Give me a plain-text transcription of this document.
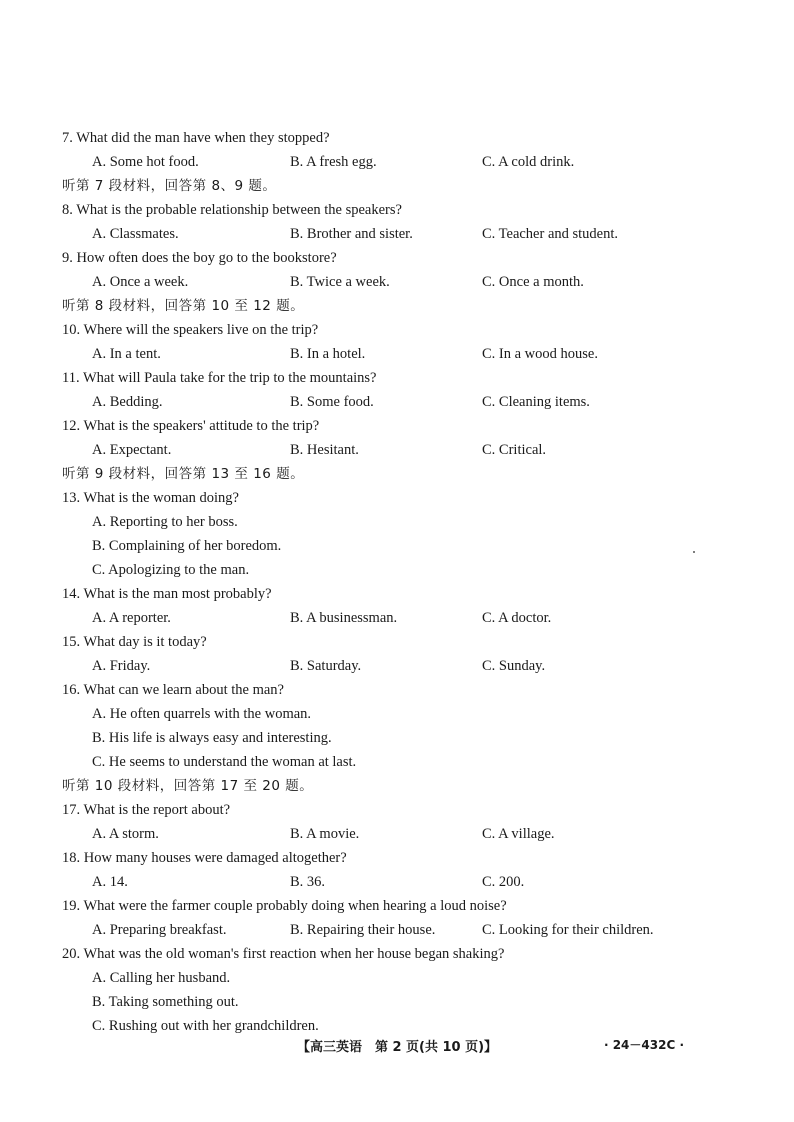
7. What did the man have when they stopped?
A. Some hot food.	B. A fresh egg.	C. A cold drink.
听第 7 段材料，回答第 8、9 题。
8. What is the probable relationship between the speakers?
A. Classmates.	B. Brother and sister.	C. Teacher and student.
9. How often does the boy go to the bookstore?
A. Once a week.	B. Twice a week.	C. Once a month.
听第 8 段材料，回答第 10 至 12 题。
10. Where will the speakers live on the trip?
A. In a tent.	B. In a hotel.	C. In a wood house.
11. What will Paula take for the trip to the mountains?
A. Bedding.	B. Some food.	C. Cleaning items.
12. What is the speakers' attitude to the trip?
A. Expectant.	B. Hesitant.	C. Critical.
听第 9 段材料，回答第 13 至 16 题。
13. What is the woman doing?
A. Reporting to her boss.
B. Complaining of her boredom.
C. Apologizing to the man.
14. What is the man most probably?
A. A reporter.	B. A businessman.	C. A doctor.
15. What day is it today?
A. Friday.	B. Saturday.	C. Sunday.
16. What can we learn about the man?
A. He often quarrels with the woman.
B. His life is always easy and interesting.
C. He seems to understand the woman at last.
听第 10 段材料，回答第 17 至 20 题。
17. What is the report about?
A. A storm.	B. A movie.	C. A village.
18. How many houses were damaged altogether?
A. 14.	B. 36.	C. 200.
19. What were the farmer couple probably doing when hearing a loud noise?
A. Preparing breakfast.	B. Repairing their house.	C. Looking for their children.
20. What was the old woman's first reaction when her house began shaking?
A. Calling her husband.
B. Taking something out.
C. Rushing out with her grandchildren.
【高三英语　第 2 页(共 10 页)】	· 24－432C ·
